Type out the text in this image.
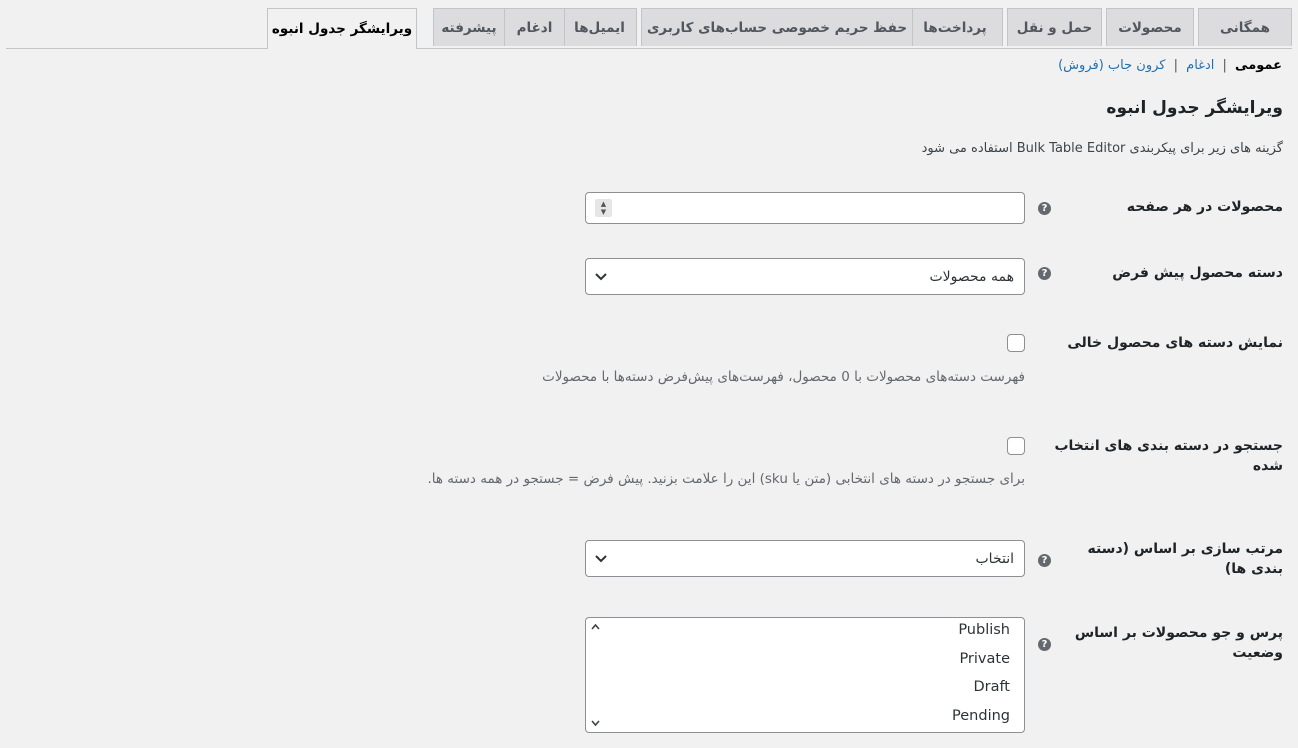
همگانی
محصولات
حمل و نقل
پرداخت‌ها
حفظ حریم خصوصی حساب‌های کاربری
ایمیل‌ها
ادغام
پیشرفته
ویرایشگر جدول انبوه
عمومی | ادغام | کرون جاب (فروش)
ویرایشگر جدول انبوه
گزینه های زیر برای پیکربندی Bulk Table Editor استفاده می شود
محصولات در هر صفحه
?
▲
▼
دسته محصول پیش فرض
?
همه محصولات
نمایش دسته های محصول خالی
فهرست دسته‌های محصولات با 0 محصول، فهرست‌های پیش‌فرض دسته‌ها با محصولات
جستجو در دسته بندی های انتخاب شده
برای جستجو در دسته های انتخابی (متن یا sku) این را علامت بزنید. پیش فرض = جستجو در همه دسته ها.
مرتب سازی بر اساس (دسته بندی ها)
?
انتخاب
پرس و جو محصولات بر اساس وضعیت
?
Publish
Private
Draft
Pending
